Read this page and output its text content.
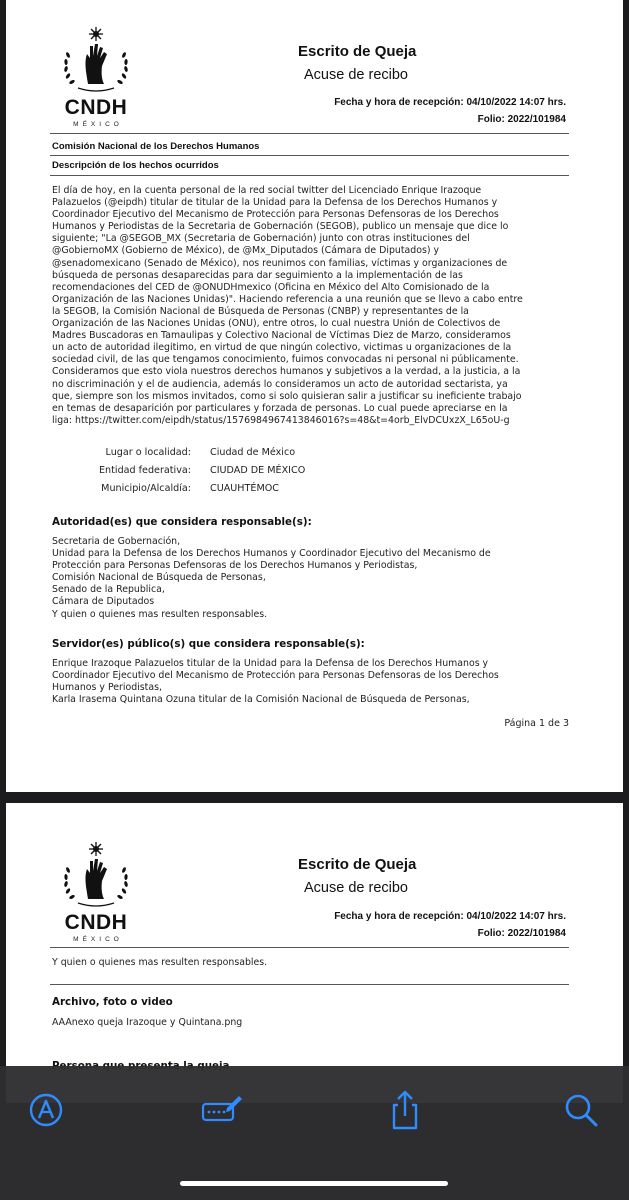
CNDH
MÉXICO
Escrito de Queja
Acuse de recibo
Fecha y hora de recepción: 04/10/2022 14:07 hrs.
Folio: 2022/101984
Comisión Nacional de los Derechos Humanos
Descripción de los hechos ocurridos
El día de hoy, en la cuenta personal de la red social twitter del Licenciado Enrique Irazoque
Palazuelos (@eipdh) titular de titular de la Unidad para la Defensa de los Derechos Humanos y
Coordinador Ejecutivo del Mecanismo de Protección para Personas Defensoras de los Derechos
Humanos y Periodistas de la Secretaria de Gobernación (SEGOB), publico un mensaje que dice lo
siguiente; "La @SEGOB_MX (Secretaria de Gobernación) junto con otras instituciones del
@GobiernoMX (Gobierno de México), de @Mx_Diputados (Cámara de Diputados) y
@senadomexicano (Senado de México), nos reunimos con familias, víctimas y organizaciones de
búsqueda de personas desaparecidas para dar seguimiento a la implementación de las
recomendaciones del CED de @ONUDHmexico (Oficina en México del Alto Comisionado de la
Organización de las Naciones Unidas)". Haciendo referencia a una reunión que se llevo a cabo entre
la SEGOB, la Comisión Nacional de Búsqueda de Personas (CNBP) y representantes de la
Organización de las Naciones Unidas (ONU), entre otros, lo cual nuestra Unión de Colectivos de
Madres Buscadoras en Tamaulipas y Colectivo Nacional de Víctimas Diez de Marzo, consideramos
un acto de autoridad ilegitimo, en virtud de que ningún colectivo, victimas u organizaciones de la
sociedad civil, de las que tengamos conocimiento, fuimos convocadas ni personal ni públicamente.
Consideramos que esto viola nuestros derechos humanos y subjetivos a la verdad, a la justicia, a la
no discriminación y el de audiencia, además lo consideramos un acto de autoridad sectarista, ya
que, siempre son los mismos invitados, como si solo quisieran salir a justificar su ineficiente trabajo
en temas de desaparición por particulares y forzada de personas. Lo cual puede apreciarse en la
liga: https://twitter.com/eipdh/status/1576984967413846016?s=48&t=4orb_ElvDCUxzX_L65oU-g
Lugar o localidad: Ciudad de México
Entidad federativa: CIUDAD DE MÉXICO
Municipio/Alcaldía: CUAUHTÉMOC
Autoridad(es) que considera responsable(s):
Secretaria de Gobernación,
Unidad para la Defensa de los Derechos Humanos y Coordinador Ejecutivo del Mecanismo de
Protección para Personas Defensoras de los Derechos Humanos y Periodistas,
Comisión Nacional de Búsqueda de Personas,
Senado de la Republica,
Cámara de Diputados
Y quien o quienes mas resulten responsables.
Servidor(es) público(s) que considera responsable(s):
Enrique Irazoque Palazuelos titular de la Unidad para la Defensa de los Derechos Humanos y
Coordinador Ejecutivo del Mecanismo de Protección para Personas Defensoras de los Derechos
Humanos y Periodistas,
Karla Irasema Quintana Ozuna titular de la Comisión Nacional de Búsqueda de Personas,
Página 1 de 3
CNDH
MÉXICO
Escrito de Queja
Acuse de recibo
Fecha y hora de recepción: 04/10/2022 14:07 hrs.
Folio: 2022/101984
Y quien o quienes mas resulten responsables.
Archivo, foto o video
AAAnexo queja Irazoque y Quintana.png
